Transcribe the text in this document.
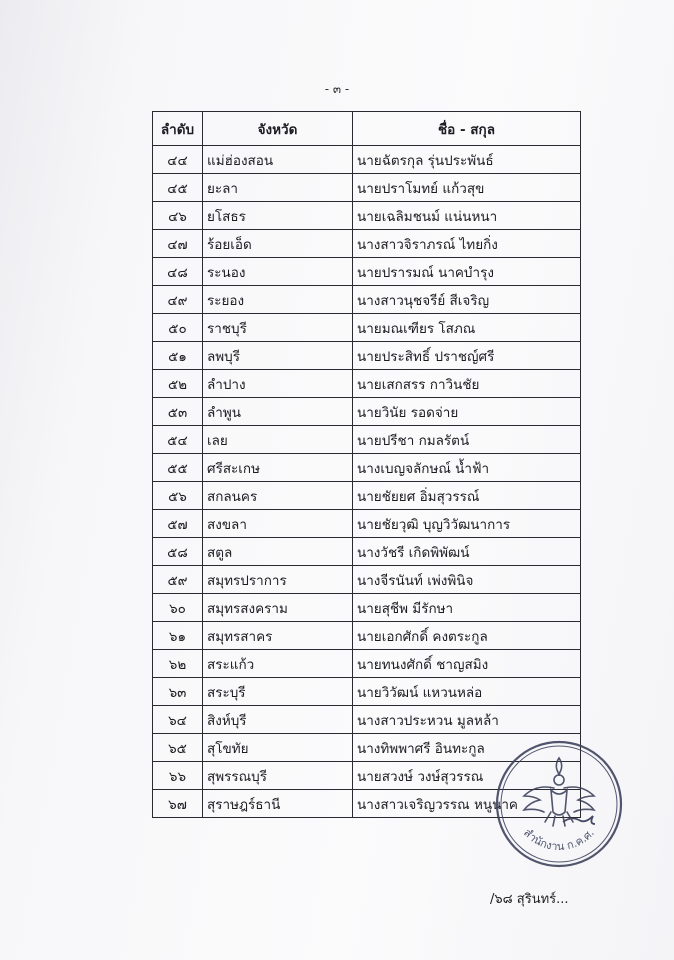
- ๓ -
ลำดับ	จังหวัด	ชื่อ - สกุล
๔๔	แม่ฮ่องสอน	นายฉัตรกุล รุ่นประพันธ์
๔๕	ยะลา	นายปราโมทย์ แก้วสุข
๔๖	ยโสธร	นายเฉลิมชนม์ แน่นหนา
๔๗	ร้อยเอ็ด	นางสาวจิราภรณ์ ไทยกิ่ง
๔๘	ระนอง	นายปรารมณ์ นาคบำรุง
๔๙	ระยอง	นางสาวนุชจรีย์ สีเจริญ
๕๐	ราชบุรี	นายมณเฑียร โสภณ
๕๑	ลพบุรี	นายประสิทธิ์ ปราชญ์ศรี
๕๒	ลำปาง	นายเสกสรร กาวินชัย
๕๓	ลำพูน	นายวินัย รอดจ่าย
๕๔	เลย	นายปรีชา กมลรัตน์
๕๕	ศรีสะเกษ	นางเบญจลักษณ์ น้ำฟ้า
๕๖	สกลนคร	นายชัยยศ อิ่มสุวรรณ์
๕๗	สงขลา	นายชัยวุฒิ บุญวิวัฒนาการ
๕๘	สตูล	นางวัชรี เกิดพิพัฒน์
๕๙	สมุทรปราการ	นางจีรนันท์ เพ่งพินิจ
๖๐	สมุทรสงคราม	นายสุชีพ มีรักษา
๖๑	สมุทรสาคร	นายเอกศักดิ์ คงตระกูล
๖๒	สระแก้ว	นายทนงศักดิ์ ชาญสมิง
๖๓	สระบุรี	นายวิวัฒน์ แหวนหล่อ
๖๔	สิงห์บุรี	นางสาวประหวน มูลหล้า
๖๕	สุโขทัย	นางทิพพาศรี อินทะกูล
๖๖	สุพรรณบุรี	นายสวงษ์ วงษ์สุวรรณ
๖๗	สุราษฎร์ธานี	นางสาวเจริญวรรณ หนูนาค
สำนักงาน ก.ค.ศ.
/๖๘ สุรินทร์...
